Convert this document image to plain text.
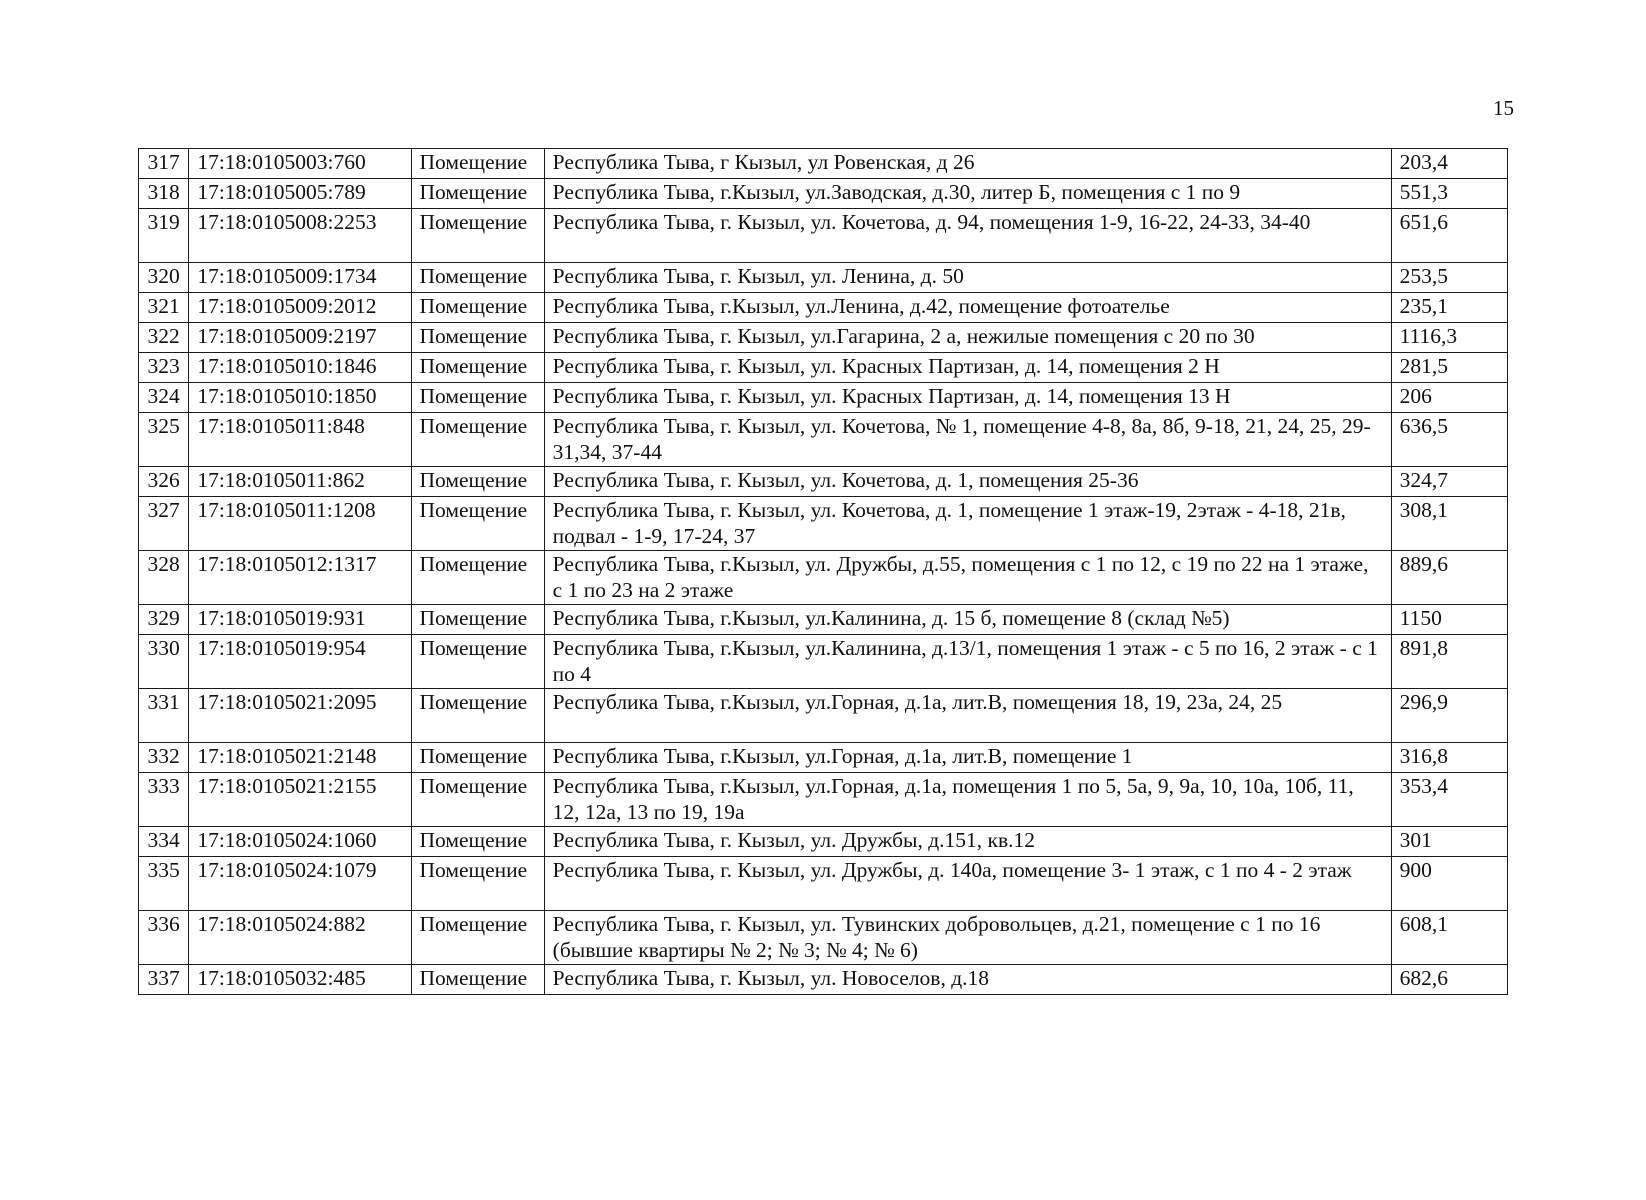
15
317	17:18:0105003:760	Помещение	Республика Тыва, г Кызыл, ул Ровенская, д 26	203,4
318	17:18:0105005:789	Помещение	Республика Тыва, г.Кызыл, ул.Заводская, д.30, литер Б, помещения с 1 по 9	551,3
319	17:18:0105008:2253	Помещение	Республика Тыва, г. Кызыл, ул. Кочетова, д. 94, помещения 1-9, 16-22, 24-33, 34-40	651,6
320	17:18:0105009:1734	Помещение	Республика Тыва, г. Кызыл, ул. Ленина, д. 50	253,5
321	17:18:0105009:2012	Помещение	Республика Тыва, г.Кызыл, ул.Ленина, д.42, помещение фотоателье	235,1
322	17:18:0105009:2197	Помещение	Республика Тыва, г. Кызыл, ул.Гагарина, 2 а, нежилые помещения с 20 по 30	1116,3
323	17:18:0105010:1846	Помещение	Республика Тыва, г. Кызыл, ул. Красных Партизан, д. 14, помещения 2 Н	281,5
324	17:18:0105010:1850	Помещение	Республика Тыва, г. Кызыл, ул. Красных Партизан, д. 14, помещения 13 Н	206
325	17:18:0105011:848	Помещение	Республика Тыва, г. Кызыл, ул. Кочетова, № 1, помещение 4-8, 8а, 8б, 9-18, 21, 24, 25, 29-31,34, 37-44	636,5
326	17:18:0105011:862	Помещение	Республика Тыва, г. Кызыл, ул. Кочетова, д. 1, помещения 25-36	324,7
327	17:18:0105011:1208	Помещение	Республика Тыва, г. Кызыл, ул. Кочетова, д. 1, помещение 1 этаж-19, 2этаж - 4-18, 21в, подвал - 1-9, 17-24, 37	308,1
328	17:18:0105012:1317	Помещение	Республика Тыва, г.Кызыл, ул. Дружбы, д.55, помещения с 1 по 12, с 19 по 22 на 1 этаже, с 1 по 23 на 2 этаже	889,6
329	17:18:0105019:931	Помещение	Республика Тыва, г.Кызыл, ул.Калинина, д. 15 б, помещение 8 (склад №5)	1150
330	17:18:0105019:954	Помещение	Республика Тыва, г.Кызыл, ул.Калинина, д.13/1, помещения 1 этаж - с 5 по 16, 2 этаж - с 1 по 4	891,8
331	17:18:0105021:2095	Помещение	Республика Тыва, г.Кызыл, ул.Горная, д.1а, лит.В, помещения 18, 19, 23а, 24, 25	296,9
332	17:18:0105021:2148	Помещение	Республика Тыва, г.Кызыл, ул.Горная, д.1а, лит.В, помещение 1	316,8
333	17:18:0105021:2155	Помещение	Республика Тыва, г.Кызыл, ул.Горная, д.1а, помещения 1 по 5, 5а, 9, 9а, 10, 10а, 10б, 11, 12, 12а, 13 по 19, 19а	353,4
334	17:18:0105024:1060	Помещение	Республика Тыва, г. Кызыл, ул. Дружбы, д.151, кв.12	301
335	17:18:0105024:1079	Помещение	Республика Тыва, г. Кызыл, ул. Дружбы, д. 140а, помещение 3- 1 этаж, с 1 по 4 - 2 этаж	900
336	17:18:0105024:882	Помещение	Республика Тыва, г. Кызыл, ул. Тувинских добровольцев, д.21, помещение с 1 по 16 (бывшие квартиры № 2; № 3; № 4; № 6)	608,1
337	17:18:0105032:485	Помещение	Республика Тыва, г. Кызыл, ул. Новоселов, д.18	682,6
